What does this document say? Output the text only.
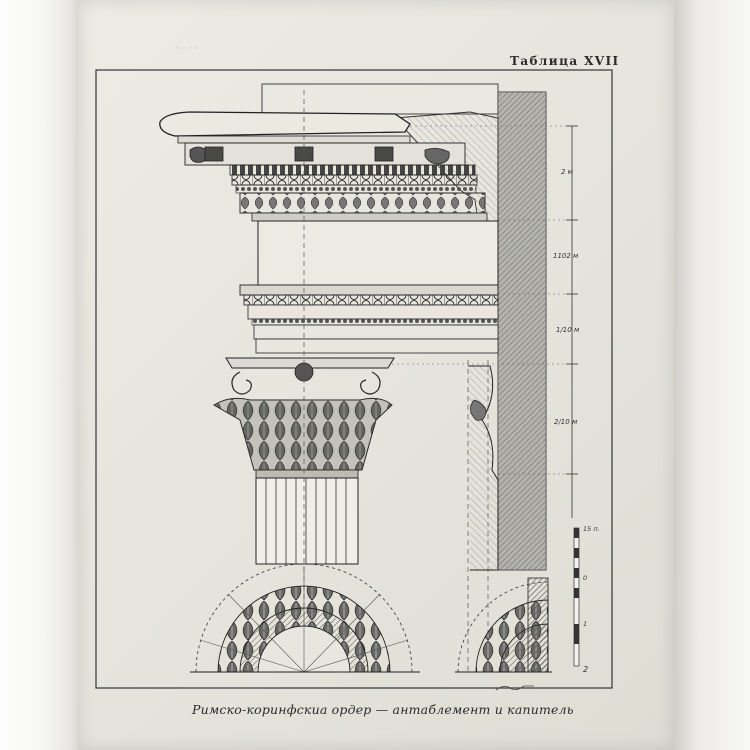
◦◦◦◦
Таблица XVII
2 м
1102 м
1/10 м
2/10 м
15 п.
0
1
2
Римско-коринфскиа ордер — антаблемент и капитель
